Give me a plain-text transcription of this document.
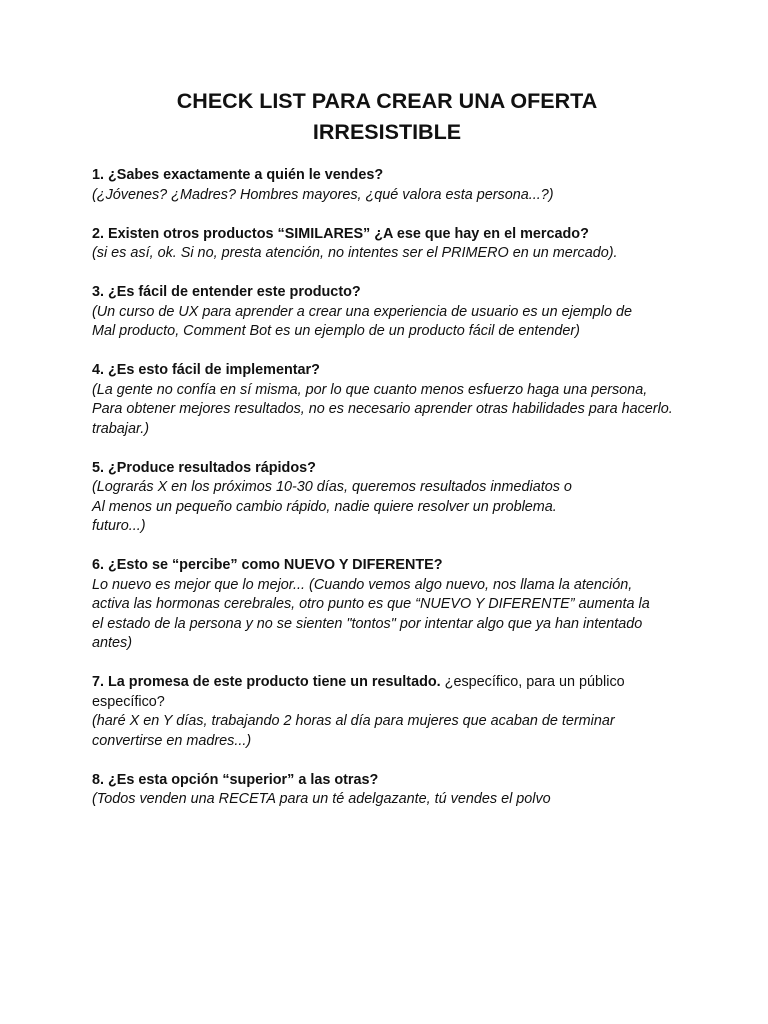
CHECK LIST PARA CREAR UNA OFERTA IRRESISTIBLE

1. ¿Sabes exactamente a quién le vendes?

(¿Jóvenes? ¿Madres? Hombres mayores, ¿qué valora esta persona...?)

2. Existen otros productos “SIMILARES” ¿A ese que hay en el mercado?

(si es así, ok. Si no, presta atención, no intentes ser el PRIMERO en un mercado).

3. ¿Es fácil de entender este producto?

(Un curso de UX para aprender a crear una experiencia de usuario es un ejemplo de

Mal producto, Comment Bot es un ejemplo de un producto fácil de entender)

4. ¿Es esto fácil de implementar?

(La gente no confía en sí misma, por lo que cuanto menos esfuerzo haga una persona,

Para obtener mejores resultados, no es necesario aprender otras habilidades para hacerlo.

trabajar.)

5. ¿Produce resultados rápidos?

(Lograrás X en los próximos 10-30 días, queremos resultados inmediatos o

Al menos un pequeño cambio rápido, nadie quiere resolver un problema.

futuro...)

6. ¿Esto se “percibe” como NUEVO Y DIFERENTE?

Lo nuevo es mejor que lo mejor... (Cuando vemos algo nuevo, nos llama la atención,

activa las hormonas cerebrales, otro punto es que “NUEVO Y DIFERENTE” aumenta la

el estado de la persona y no se sienten "tontos" por intentar algo que ya han intentado antes)

7. La promesa de este producto tiene un resultado. ¿específico, para un público específico?

(haré X en Y días, trabajando 2 horas al día para mujeres que acaban de terminar convertirse en madres...)

8. ¿Es esta opción “superior” a las otras?

(Todos venden una RECETA para un té adelgazante, tú vendes el polvo
